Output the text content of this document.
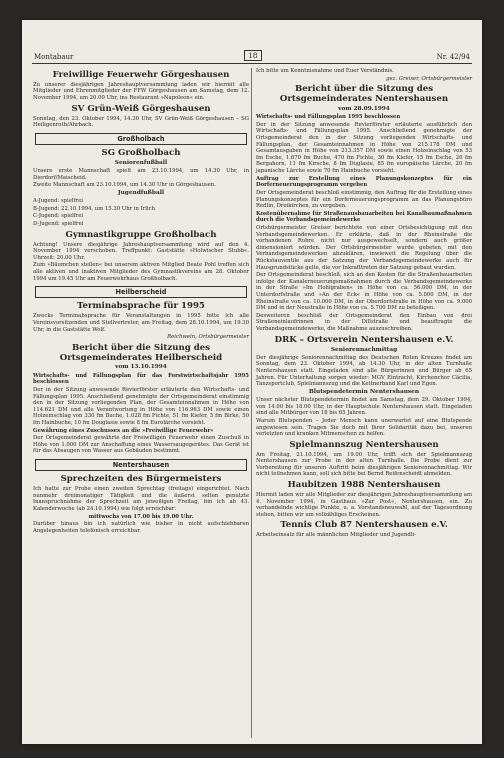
Montabaur	18	Nr. 42/94
Freiwillige Feuerwehr Görgeshausen

Zu unserer diesjährigen Jahreshauptversammlung laden wir hiermit alle Mitglieder und Ehrenmitglieder der FFW Görgeshausen am Samstag, dem 12. November 1994, um 20.00 Uhr, ins Restaurant »Napoleon« ein.

SV Grün-Weiß Görgeshausen

Sonntag, den 23. Oktober 1994, 14.30 Uhr, SV Grün-Weiß Görgeshausen – SG Heiligenroth/Ahrbach.

Großholbach
SG Großholbach
Seniorenfußball

Unsere erste Mannschaft spielt am 23.10.1994, um 14.30 Uhr, in Dierdorf/Maischeid.

Zweite Mannschaft am 23.10.1994, um 14.30 Uhr in Görgeshausen.

Jugendfußball

A-Jugend: spielfrei

B-Jugend: 22.10.1994, um 15.30 Uhr in Irlich

C-Jugend: spielfrei

D-Jugend: spielfrei

Gymnastikgruppe Großholbach

Achtung! Unsere diesjährige Jahreshauptversammlung wird auf den 4. November 1994 verschoben. Treffpunkt: Gaststätte »Holwischer Stubb«. Uhrzeit: 20.00 Uhr.

Zum »Bäumchen stellen« bei unserem aktiven Mitglied Beate Pohl treffen sich alle aktiven und inaktiven Mitglieder des Gymnastikvereins am 28. Oktober 1994 um 19.45 Uhr am Feuerwehrhaus Großholbach.

Heilberscheid
Terminabsprache für 1995

Zwecks Terminabsprache für Veranstaltungen in 1995 bitte ich alle Vereinsvorsitzenden und Stellvertreter, am Freitag, dem 28.10.1994, um 19.30 Uhr, in die Gaststätte Wolf.

Reichwein, Ortsbürgermeister
Bericht über die Sitzung des Ortsgemeinderates Heilberscheid
vom 13.10.1994

Wirtschafts- und Fällungsplan für das Forstwirtschaftsjahr 1995 beschlossen

Der in der Sitzung anwesende Revierförster erläuterte den Wirtschafts- und Fällungsplan 1995. Anschließend genehmigte der Ortsgemeinderat einstimmig den in der Sitzung vorliegenden Plan, der Gesamteinnahmen in Höhe von 114.621 DM und alle Verantwortung in Höhe von 116.963 DM sowie einen Holzeinschlag von 330 fm Buche, 1.028 fm Fichte, 51 fm Kiefer, 5 fm Birke, 50 fm Hainbuche, 10 fm Douglasie sowie 8 fm Eurolärche vorsieht.

Gewährung eines Zuschusses an die »Freiwillige Feuerwehr«

Der Ortsgemeinderat gewährte der Freiwilligen Feuerwehr einen Zuschuß in Höhe von 1.000 DM zur Anschaffung eines Wassersaugegerätes. Das Gerät ist für das Absaugen von Wasser aus Gebäuden bestimmt.

Nentershausen
Sprechzeiten des Bürgermeisters

Ich hatte zur Probe einen zweiten Sprechtag (freitags) eingerichtet. Nach nunmehr dreimonatiger Tätigkeit und die äußerst selten genutzte Inanspruchnahme der Sprechzeit am jeweiligen Freitag, bin ich ab 43. Kalenderwoche (ab 24.10.1994) wie folgt erreichbar:

mittwochs von 17.00 bis 19.00 Uhr.

Darüber hinaus bin ich natürlich wie bisher in nicht aufschiebbaren Angelegenheiten telefonisch erreichbar.

Ich bitte um Kenntnisnahme und Euer Verständnis.

gez. Greiser, Ortsbürgermeister
Bericht über die Sitzung des Ortsgemeinderates Nentershausen
vom 28.09.1994

Wirtschafts- und Fällungsplan 1995 beschlossen

Der in der Sitzung anwesende Revierförster erläuterte ausführlich den Wirtschafts- und Fällungsplan 1995. Anschließend genehmigte der Ortsgemeinderat den in der Sitzung vorliegenden Wirtschafts- und Fällungsplan, der Gesamteinnahmen in Höhe von 215.178 DM und Gesamtausgaben in Höhe von 213.357 DM sowie einen Holzeinschlag von 53 fm Esche, 1.670 fm Buche, 470 fm Fichte, 30 fm Kiefer, 15 fm Esche, 20 fm Bergahorn, 11 fm Kirsche, 8 fm Duglasie, 85 fm europäische Lärche, 20 fm japanische Lärche sowie 70 fm Hainbuche vorsieht.

Auftrag zur Erstellung eines Planungskonzeptes für ein Dorferneuerungsprogramm vergeben

Der Ortsgemeinderat beschloß einstimmig, den Auftrag für die Erstellung eines Planungskonzeptes für ein Dorferneuerungsprogramm an das Planungsbüro Redlin, Dreikirchen, zu vergeben.

Kostenübernahme für Straßenausbauarbeiten bei Kanalbaumaßnahmen durch die Verbandsgemeindewerke

Ortsbürgermeister Greiser berichtete von einer Ortsbesichtigung mit den Verbandsgemeindewerken. Er erklärte, daß in der Rheinstraße die vorhandenen Rohre nicht nur ausgewechselt, sondern auch größer dimensioniert würden. Der Ortsbürgermeister wurde gebeten, mit den Verbandsgemeindewerken abzuklären, inwieweit die Regelung über die Rückstauventile aus der Satzung der Verbandsgemeindewerke auch für Hausgrundstücke gelte, die vor Inkrafttreten der Satzung gebaut wurden.

Der Ortsgemeinderat beschloß, sich an den Kosten für die Straßenbauarbeiten infolge der Kanalerneuerungsmaßnahmen durch die Verbandsgemeindewerke in der Straße »Im Hohlgraben« in Höhe von ca. 56.000 DM, in der Unterdorfstraße und »An der Eck« in Höhe von ca. 5.000 DM, in der Rheinstraße von ca. 10.000 DM, in der Oberdorfstraße in Höhe von ca. 9.000 DM und in der Neustraße in Höhe von ca. 5.700 DM zu beteiligen.

Desweiteren beschloß der Ortsgemeinderat den Einbau von drei Straßeneinlaufrinnen in der Dillstraße und beauftragte die Verbandsgemeindewerke, die Maßnahme auszuschreiben.

DRK – Ortsverein Nentershausen e.V.
Seniorennachmittag

Der diesjährige Seniorennachmittag des Deutschen Roten Kreuzes findet am Sonntag, dem 23. Oktober 1994, ab 14.30 Uhr, in der alten Turnhalle Nentershausen statt. Eingeladen sind alle Bürgerinnen und Bürger ab 65 Jahren. Für Unterhaltung sorgen wieder: MGV Eintracht, Kirchenchor Cäcilia, Tanzsportclub, Spielmannszug und die Kettnerband Karl und Egon.

Blutspendetermin Nentershausen

Unser nächster Blutspendetermin findet am Samstag, dem 29. Oktober 1994, von 14.00 bis 18.00 Uhr, in der Hauptschule Nentershausen statt. Eingeladen sind alle Mitbürger von 18 bis 65 Jahren.

Warum Blutspenden – Jeder Mensch kann unerwartet auf eine Blutspende angewiesen sein. Tragen Sie doch mit Ihrer Solidarität dazu bei, unseren verletzten und kranken Mitmenschen zu helfen.

Spielmannszug Nentershausen

Am Freitag, 21.10.1994, um 19.00 Uhr, trifft sich der Spielmannszug Nentershausen zur Probe in der alten Turnhalle. Die Probe dient zur Vorbereitung für unseren Auftritt beim diesjährigen Seniorennachmittag. Wir nicht teilnehmen kann, soll sich bitte bei Bernd Reifenscheidt abmelden.

Haubitzen 1988 Nentershausen

Hiermit laden wir alle Mitglieder zur diesjährigen Jahreshauptversammlung am 4. November 1994, in Gasthaus »Zur Post«, Nentershausen, ein. Zu verhandelnde wichtige Punkte, u. a. Vorstandsneuwahl, auf der Tagesordnung stehen, bitten wir um vollzähliges Erscheinen.

Tennis Club 87 Nentershausen e.V.

Arbeitseinsatz für alle männlichen Mitglieder und Jugendli-
